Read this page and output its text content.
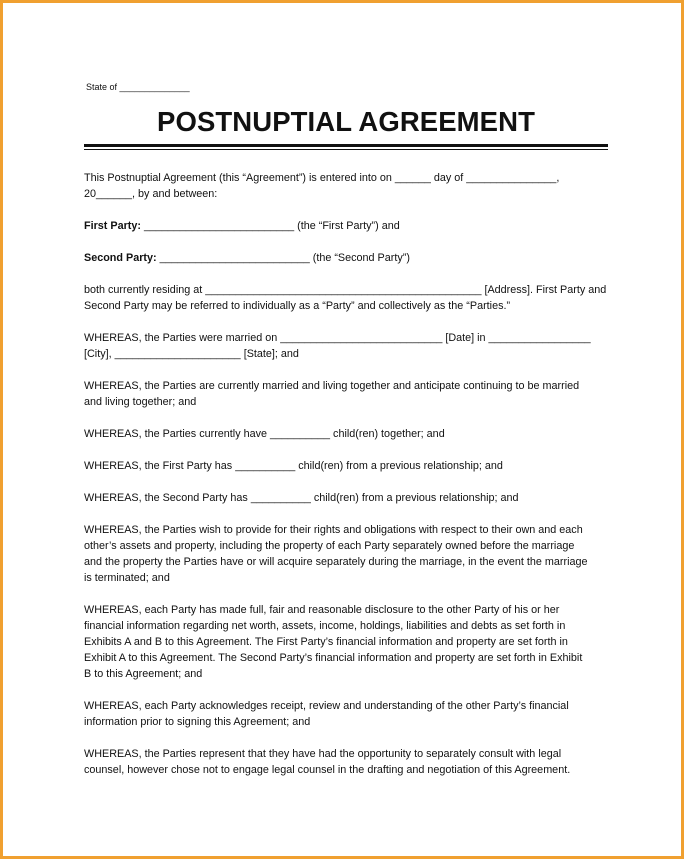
State of ______________
POSTNUPTIAL AGREEMENT

This Postnuptial Agreement (this “Agreement”) is entered into on ______ day of _______________,
20______, by and between:

First Party: _________________________ (the “First Party”) and

Second Party: _________________________ (the “Second Party”)

both currently residing at ______________________________________________ [Address]. First Party and
Second Party may be referred to individually as a “Party” and collectively as the “Parties.”

WHEREAS, the Parties were married on ___________________________ [Date] in _________________
[City], _____________________ [State]; and

WHEREAS, the Parties are currently married and living together and anticipate continuing to be married
and living together; and

WHEREAS, the Parties currently have __________ child(ren) together; and

WHEREAS, the First Party has __________ child(ren) from a previous relationship; and

WHEREAS, the Second Party has __________ child(ren) from a previous relationship; and

WHEREAS, the Parties wish to provide for their rights and obligations with respect to their own and each
other’s assets and property, including the property of each Party separately owned before the marriage
and the property the Parties have or will acquire separately during the marriage, in the event the marriage
is terminated; and

WHEREAS, each Party has made full, fair and reasonable disclosure to the other Party of his or her
financial information regarding net worth, assets, income, holdings, liabilities and debts as set forth in
Exhibits A and B to this Agreement. The First Party’s financial information and property are set forth in
Exhibit A to this Agreement. The Second Party’s financial information and property are set forth in Exhibit
B to this Agreement; and

WHEREAS, each Party acknowledges receipt, review and understanding of the other Party’s financial
information prior to signing this Agreement; and

WHEREAS, the Parties represent that they have had the opportunity to separately consult with legal
counsel, however chose not to engage legal counsel in the drafting and negotiation of this Agreement.
